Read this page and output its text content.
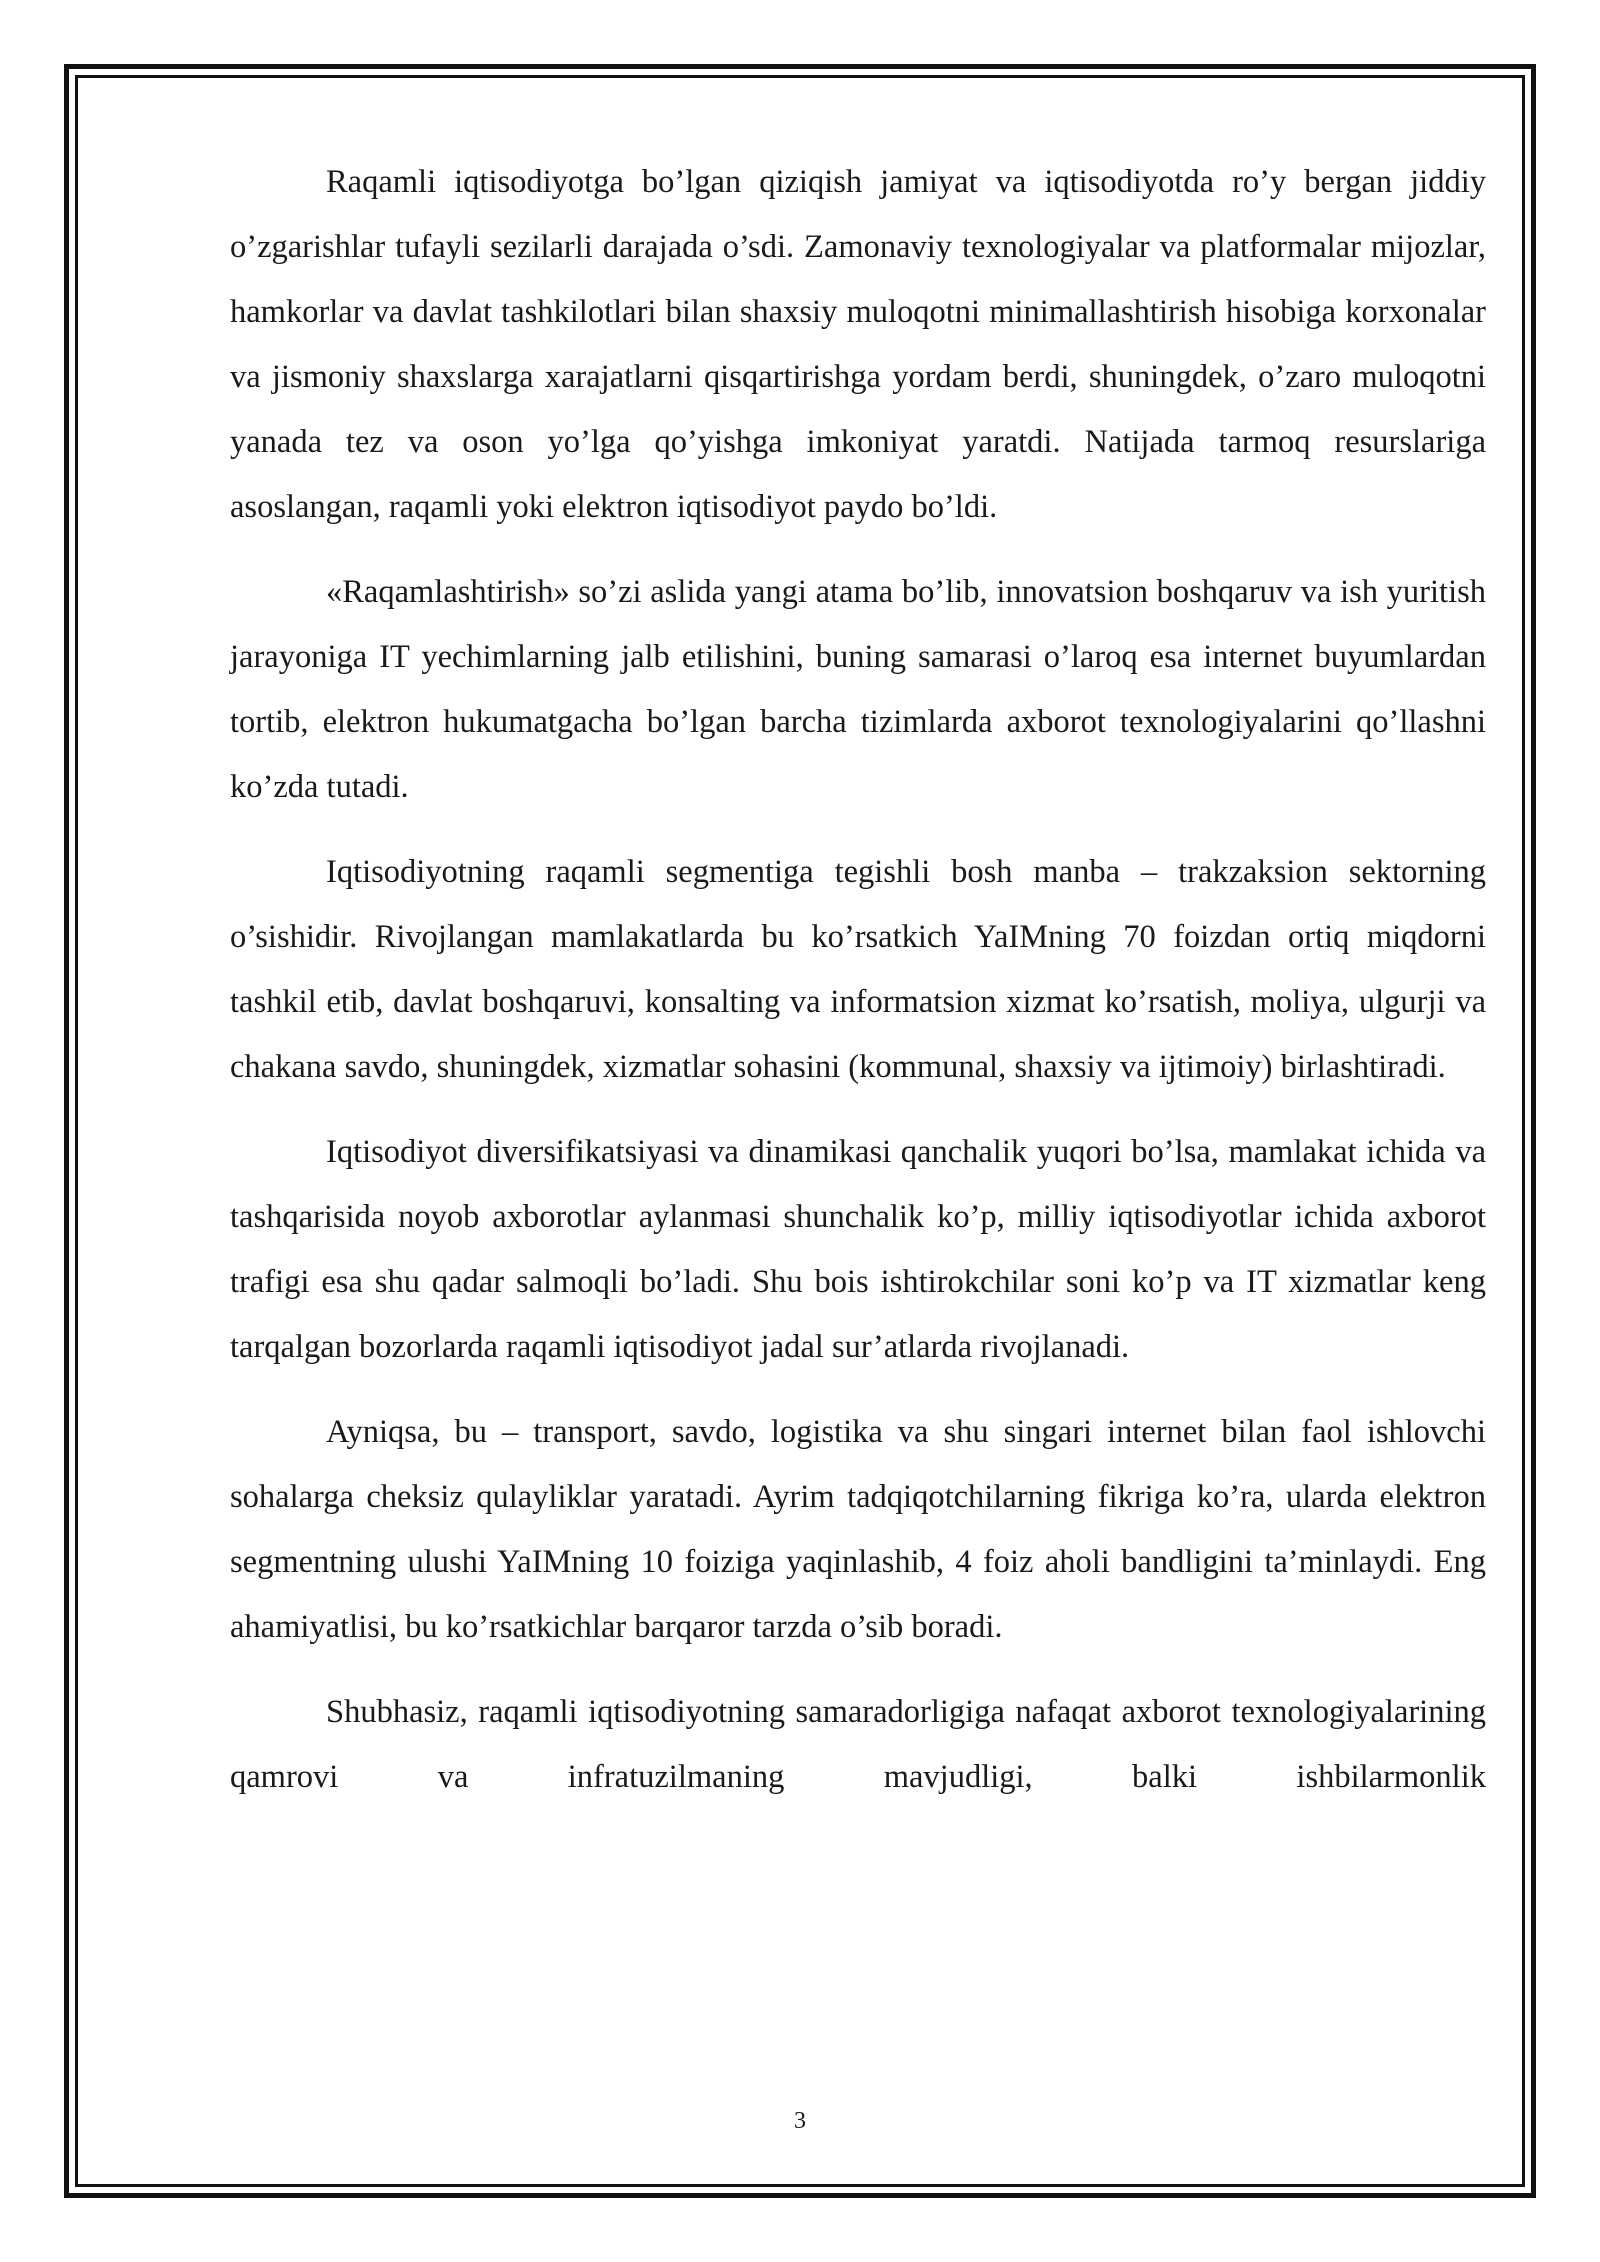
Raqamli iqtisodiyotga bo’lgan qiziqish jamiyat va iqtisodiyotda ro’y bergan jiddiy o’zgarishlar tufayli sezilarli darajada o’sdi. Zamonaviy texnologiyalar va platformalar mijozlar, hamkorlar va davlat tashkilotlari bilan shaxsiy muloqotni minimallashtirish hisobiga korxonalar va jismoniy shaxslarga xarajatlarni qisqartirishga yordam berdi, shuningdek, o’zaro muloqotni yanada tez va oson yo’lga qo’yishga imkoniyat yaratdi. Natijada tarmoq resurslariga asoslangan, raqamli yoki elektron iqtisodiyot paydo bo’ldi.

«Raqamlashtirish» so’zi aslida yangi atama bo’lib, innovatsion boshqaruv va ish yuritish jarayoniga IT yechimlarning jalb etilishini, buning samarasi o’laroq esa internet buyumlardan tortib, elektron hukumatgacha bo’lgan barcha tizimlarda axborot texnologiyalarini qo’llashni ko’zda tutadi.

Iqtisodiyotning raqamli segmentiga tegishli bosh manba – trakzaksion sektorning o’sishidir. Rivojlangan mamlakatlarda bu ko’rsatkich YaIMning 70 foizdan ortiq miqdorni tashkil etib, davlat boshqaruvi, konsalting va informatsion xizmat ko’rsatish, moliya, ulgurji va chakana savdo, shuningdek, xizmatlar sohasini (kommunal, shaxsiy va ijtimoiy) birlashtiradi.

Iqtisodiyot diversifikatsiyasi va dinamikasi qanchalik yuqori bo’lsa, mamlakat ichida va tashqarisida noyob axborotlar aylanmasi shunchalik ko’p, milliy iqtisodiyotlar ichida axborot trafigi esa shu qadar salmoqli bo’ladi. Shu bois ishtirokchilar soni ko’p va IT xizmatlar keng tarqalgan bozorlarda raqamli iqtisodiyot jadal sur’atlarda rivojlanadi.

Ayniqsa, bu – transport, savdo, logistika va shu singari internet bilan faol ishlovchi sohalarga cheksiz qulayliklar yaratadi. Ayrim tadqiqotchilarning fikriga ko’ra, ularda elektron segmentning ulushi YaIMning 10 foiziga yaqinlashib, 4 foiz aholi bandligini ta’minlaydi. Eng ahamiyatlisi, bu ko’rsatkichlar barqaror tarzda o’sib boradi.

Shubhasiz, raqamli iqtisodiyotning samaradorligiga nafaqat axborot texnologiyalarining qamrovi va infratuzilmaning mavjudligi, balki ishbilarmonlik

3
